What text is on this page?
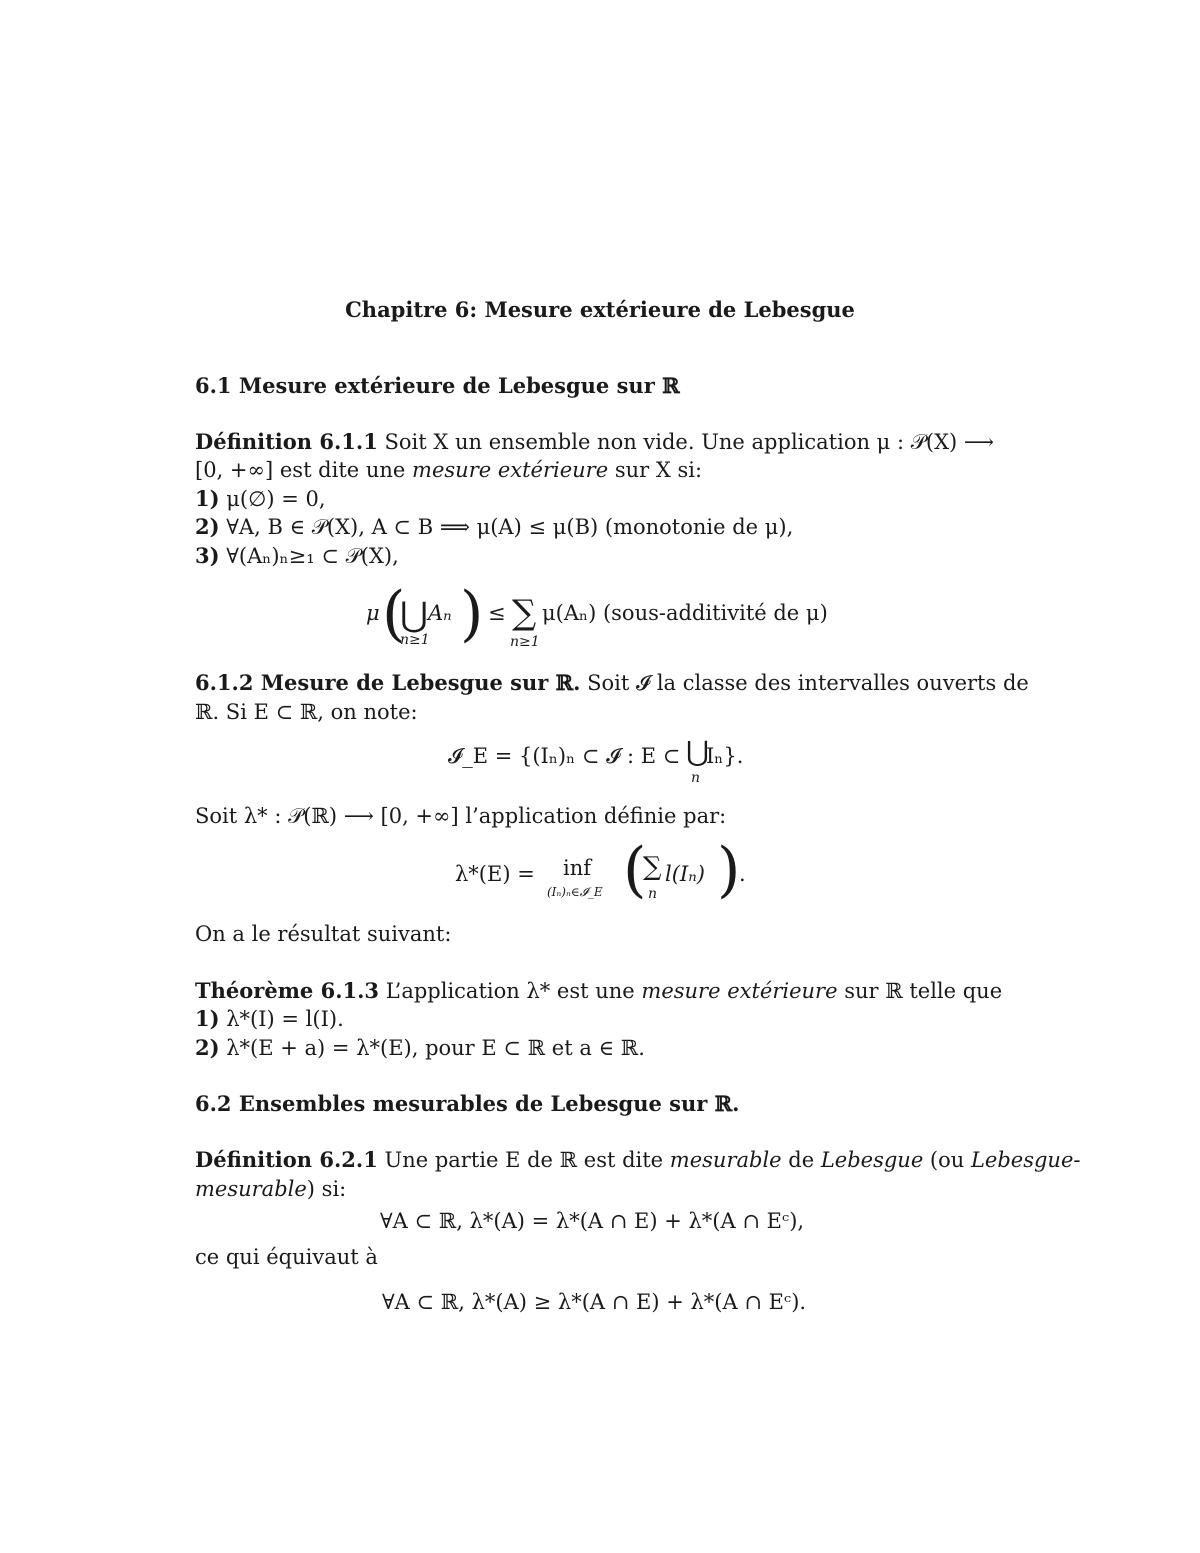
Chapitre 6: Mesure extérieure de Lebesgue
6.1 Mesure extérieure de Lebesgue sur ℝ
Définition 6.1.1 Soit X un ensemble non vide. Une application μ : 𝒫(X) ⟶
[0, +∞] est dite une mesure extérieure sur X si:
1) μ(∅) = 0,
2) ∀A, B ∈ 𝒫(X), A ⊂ B ⟹ μ(A) ≤ μ(B) (monotonie de μ),
3) ∀(Aₙ)ₙ≥₁ ⊂ 𝒫(X),
μ (
⋃ Aₙ
n≥1 ) ≤ ∑
n≥1
μ(Aₙ) (sous-additivité de μ)
6.1.2 Mesure de Lebesgue sur ℝ. Soit 𝓘 la classe des intervalles ouverts de
ℝ. Si E ⊂ ℝ, on note:
𝓘_E = {(Iₙ)ₙ ⊂ 𝓘 : E ⊂ ⋃
Iₙ}.
n
Soit λ* : 𝒫(ℝ) ⟶ [0, +∞] l’application définie par:
λ*(E) = inf
(Iₙ)ₙ∈𝓘_E (
∑ l(Iₙ)
n )
.
On a le résultat suivant:
Théorème 6.1.3 L’application λ* est une mesure extérieure sur ℝ telle que
1) λ*(I) = l(I).
2) λ*(E + a) = λ*(E), pour E ⊂ ℝ et a ∈ ℝ.
6.2 Ensembles mesurables de Lebesgue sur ℝ.
Définition 6.2.1 Une partie E de ℝ est dite mesurable de Lebesgue (ou Lebesgue-
mesurable) si:
∀A ⊂ ℝ, λ*(A) = λ*(A ∩ E) + λ*(A ∩ Eᶜ),
ce qui équivaut à
∀A ⊂ ℝ, λ*(A) ≥ λ*(A ∩ E) + λ*(A ∩ Eᶜ).
